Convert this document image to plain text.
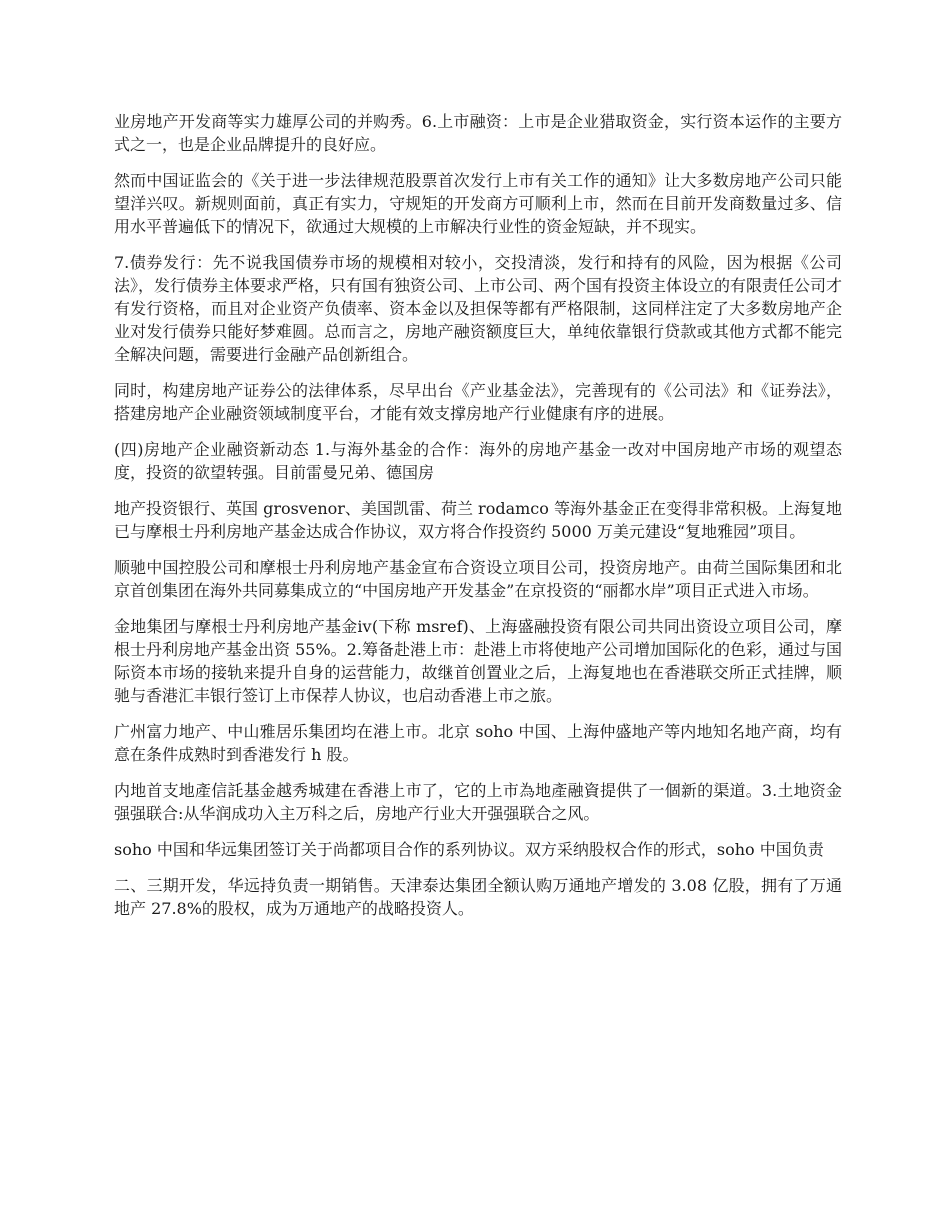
业房地产开发商等实力雄厚公司的并购秀。6.上市融资：上市是企业猎取资金，实行资本运作的主要方式之一，也是企业品牌提升的良好应。

然而中国证监会的《关于进一步法律规范股票首次发行上市有关工作的通知》让大多数房地产公司只能望洋兴叹。新规则面前，真正有实力，守规矩的开发商方可顺利上市，然而在目前开发商数量过多、信用水平普遍低下的情况下，欲通过大规模的上市解决行业性的资金短缺，并不现实。

7.债券发行：先不说我国债券市场的规模相对较小，交投清淡，发行和持有的风险，因为根据《公司法》，发行债券主体要求严格，只有国有独资公司、上市公司、两个国有投资主体设立的有限责任公司才有发行资格，而且对企业资产负债率、资本金以及担保等都有严格限制，这同样注定了大多数房地产企业对发行债券只能好梦难圆。总而言之，房地产融资额度巨大，单纯依靠银行贷款或其他方式都不能完全解决问题，需要进行金融产品创新组合。

同时，构建房地产证券公的法律体系，尽早出台《产业基金法》，完善现有的《公司法》和《证券法》，搭建房地产企业融资领域制度平台，才能有效支撑房地产行业健康有序的进展。

(四)房地产企业融资新动态 1.与海外基金的合作：海外的房地产基金一改对中国房地产市场的观望态度，投资的欲望转强。目前雷曼兄弟、德国房

地产投资银行、英国 grosvenor、美国凯雷、荷兰 rodamco 等海外基金正在变得非常积极。上海复地已与摩根士丹利房地产基金达成合作协议，双方将合作投资约 5000 万美元建设“复地雅园”项目。

顺驰中国控股公司和摩根士丹利房地产基金宣布合资设立项目公司，投资房地产。由荷兰国际集团和北京首创集团在海外共同募集成立的“中国房地产开发基金”在京投资的“丽都水岸”项目正式进入市场。

金地集团与摩根士丹利房地产基金ⅳ(下称 msref)、上海盛融投资有限公司共同出资设立项目公司，摩根士丹利房地产基金出资 55%。2.筹备赴港上市：赴港上市将使地产公司增加国际化的色彩，通过与国际资本市场的接轨来提升自身的运营能力，故继首创置业之后，上海复地也在香港联交所正式挂牌，顺驰与香港汇丰银行签订上市保荐人协议，也启动香港上市之旅。

广州富力地产、中山雅居乐集团均在港上市。北京 soho 中国、上海仲盛地产等内地知名地产商，均有意在条件成熟时到香港发行 h 股。

内地首支地產信託基金越秀城建在香港上市了，它的上市為地產融資提供了一個新的渠道。3.土地资金强强联合:从华润成功入主万科之后，房地产行业大开强强联合之风。

soho 中国和华远集团签订关于尚都项目合作的系列协议。双方采纳股权合作的形式，soho 中国负责

二、三期开发，华远持负责一期销售。天津泰达集团全额认购万通地产增发的 3.08 亿股，拥有了万通地产 27.8%的股权，成为万通地产的战略投资人。
